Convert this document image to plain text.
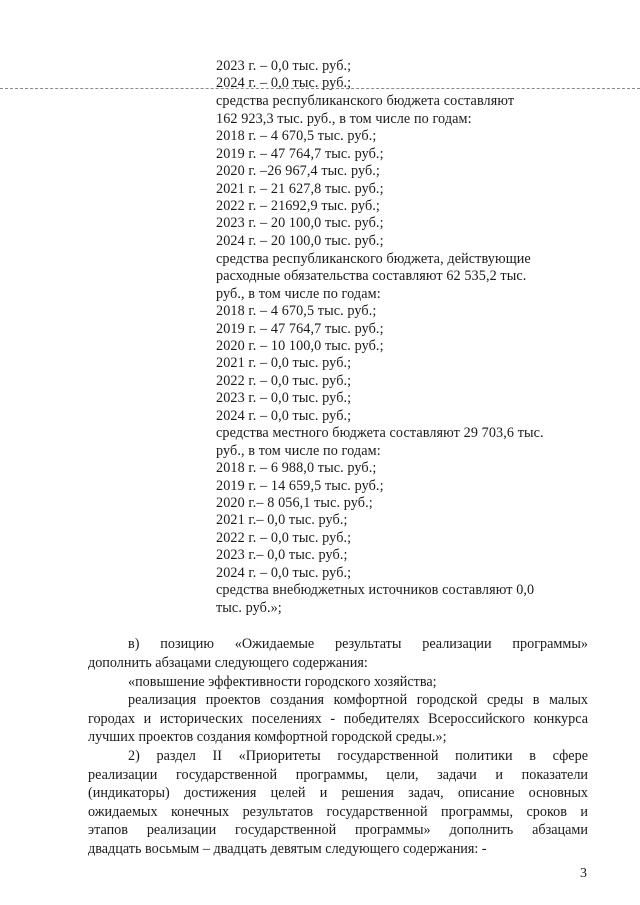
2023 г. – 0,0 тыс. руб.;
2024 г. – 0,0 тыс. руб.;
средства республиканского бюджета составляют
162 923,3 тыс. руб., в том числе по годам:
2018 г. – 4 670,5 тыс. руб.;
2019 г. – 47 764,7 тыс. руб.;
2020 г. –26 967,4 тыс. руб.;
2021 г. – 21 627,8 тыс. руб.;
2022 г. – 21692,9 тыс. руб.;
2023 г. – 20 100,0 тыс. руб.;
2024 г. – 20 100,0 тыс. руб.;
средства республиканского бюджета, действующие
расходные обязательства составляют 62 535,2 тыс.
руб., в том числе по годам:
2018 г. – 4 670,5 тыс. руб.;
2019 г. – 47 764,7 тыс. руб.;
2020 г. – 10 100,0 тыс. руб.;
2021 г. – 0,0 тыс. руб.;
2022 г. – 0,0 тыс. руб.;
2023 г. – 0,0 тыс. руб.;
2024 г. – 0,0 тыс. руб.;
средства местного бюджета составляют 29 703,6 тыс.
руб., в том числе по годам:
2018 г. – 6 988,0 тыс. руб.;
2019 г. – 14 659,5 тыс. руб.;
2020 г.– 8 056,1 тыс. руб.;
2021 г.– 0,0 тыс. руб.;
2022 г. – 0,0 тыс. руб.;
2023 г.– 0,0 тыс. руб.;
2024 г. – 0,0 тыс. руб.;
средства внебюджетных источников составляют 0,0
тыс. руб.»;
в) позицию «Ожидаемые результаты реализации программы»
дополнить абзацами следующего содержания:
«повышение эффективности городского хозяйства;
реализация проектов создания комфортной городской среды в малых
городах и исторических поселениях - победителях Всероссийского конкурса
лучших проектов создания комфортной городской среды.»;
2) раздел II «Приоритеты государственной политики в сфере
реализации государственной программы, цели, задачи и показатели
(индикаторы) достижения целей и решения задач, описание основных
ожидаемых конечных результатов государственной программы, сроков и
этапов реализации государственной программы» дополнить абзацами
двадцать восьмым – двадцать девятым следующего содержания: -
3
